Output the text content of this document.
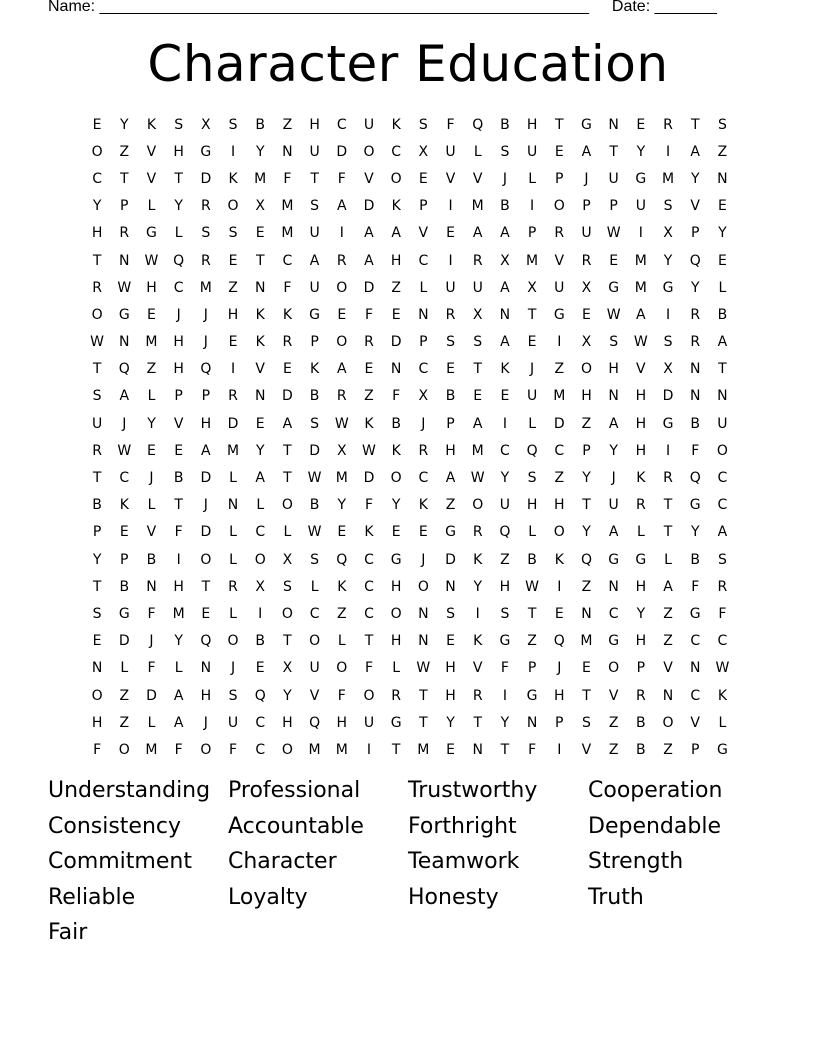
Name: _______________________________________________________ Date: _______
Character Education
E	Y	K	S	X	S	B	Z	H	C	U	K	S	F	Q	B	H	T	G	N	E	R	T	S
O	Z	V	H	G	I	Y	N	U	D	O	C	X	U	L	S	U	E	A	T	Y	I	A	Z
C	T	V	T	D	K	M	F	T	F	V	O	E	V	V	J	L	P	J	U	G	M	Y	N
Y	P	L	Y	R	O	X	M	S	A	D	K	P	I	M	B	I	O	P	P	U	S	V	E
H	R	G	L	S	S	E	M	U	I	A	A	V	E	A	A	P	R	U	W	I	X	P	Y
T	N	W Q	R	E	T	C	A	R	A	H	C	I	R	X	M	V	R	E	M	Y	Q	E
R	W	H	C	M	Z	N	F	U	O	D	Z	L	U	U	A	X	U	X	G	M	G	Y	L
O	G	E	J	J	H	K	K	G	E	F	E	N	R	X	N	T	G	E	W	A	I	R	B
W	N	M	H	J	E	K	R	P	O	R	D	P	S	S	A	E	I	X	S	W	S	R	A
T	Q	Z	H	Q	I	V	E	K	A	E	N	C	E	T	K	J	Z	O	H	V	X	N	T
S	A	L	P	P	R	N	D	B	R	Z	F	X	B	E	E	U	M	H	N	H	D	N	N
U	J	Y	V	H	D	E	A	S	W	K	B	J	P	A	I	L	D	Z	A	H	G	B	U
R	W	E	E	A	M	Y	T	D	X	W	K	R	H	M	C	Q	C	P	Y	H	I	F	O
T	C	J	B	D	L	A	T	W M	D	O	C	A	W	Y	S	Z	Y	J	K	R	Q	C
B	K	L	T	J	N	L	O	B	Y	F	Y	K	Z	O	U	H	H	T	U	R	T	G	C
P	E	V	F	D	L	C	L	W	E	K	E	E	G	R	Q	L	O	Y	A	L	T	Y	A
Y	P	B	I	O	L	O	X	S	Q	C	G	J	D	K	Z	B	K	Q	G	G	L	B	S
T	B	N	H	T	R	X	S	L	K	C	H	O	N	Y	H	W	I	Z	N	H	A	F	R
S	G	F	M	E	L	I	O	C	Z	C	O	N	S	I	S	T	E	N	C	Y	Z	G	F
E	D	J	Y	Q	O	B	T	O	L	T	H	N	E	K	G	Z	Q	M	G	H	Z	C	C
N	L	F	L	N	J	E	X	U	O	F	L	W	H	V	F	P	J	E	O	P	V	N	W
O	Z	D	A	H	S	Q	Y	V	F	O	R	T	H	R	I	G	H	T	V	R	N	C	K
H	Z	L	A	J	U	C	H	Q	H	U	G	T	Y	T	Y	N	P	S	Z	B	O	V	L
F	O	M	F	O	F	C	O	M	M	I	T	M	E	N	T	F	I	V	Z	B	Z	P	G
Understanding Professional	Trustworthy	Cooperation
Consistency	Accountable	Forthright	Dependable
Commitment	Character	Teamwork	Strength
Reliable	Loyalty	Honesty	Truth
Fair
